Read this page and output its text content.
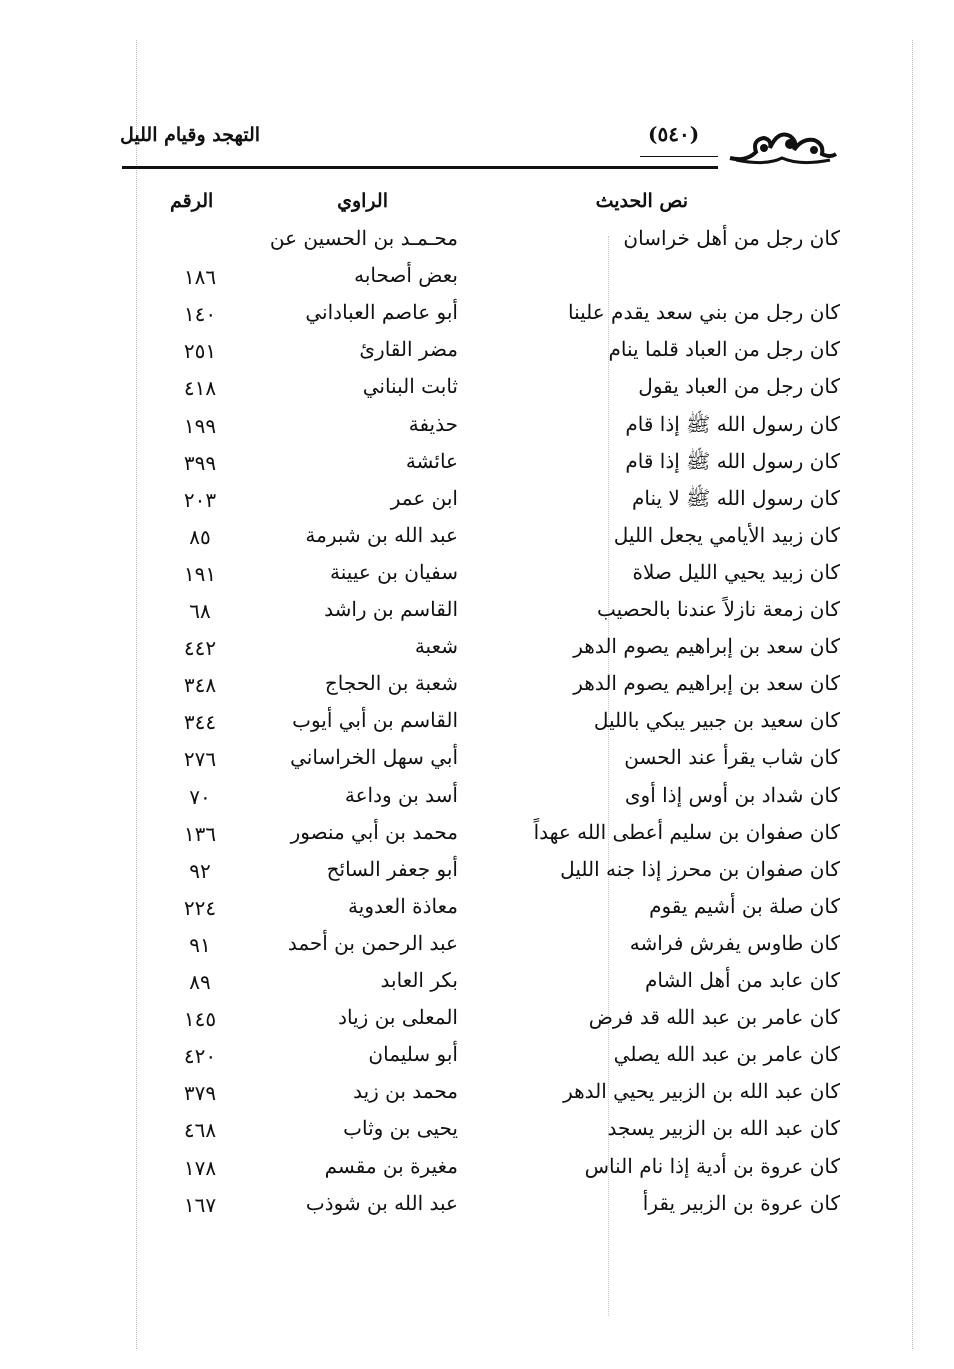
التهجد وقيام الليل	(٥٤٠)
نص الحديث
الراوي
الرقم
كان رجل من أهل خراسان
محـمـد بن الحسين عن
بعض أصحابه
١٨٦
كان رجل من بني سعد يقدم علينا
أبو عاصم العباداني
١٤٠
كان رجل من العباد قلما ينام
مضر القارئ
٢٥١
كان رجل من العباد يقول
ثابت البناني
٤١٨
كان رسول الله ﷺ إذا قام
حذيفة
١٩٩
كان رسول الله ﷺ إذا قام
عائشة
٣٩٩
كان رسول الله ﷺ لا ينام
ابن عمر
٢٠٣
كان زبيد الأيامي يجعل الليل
عبد الله بن شبرمة
٨٥
كان زبيد يحيي الليل صلاة
سفيان بن عيينة
١٩١
كان زمعة نازلاً عندنا بالحصيب
القاسم بن راشد
٦٨
كان سعد بن إبراهيم يصوم الدهر
شعبة
٤٤٢
كان سعد بن إبراهيم يصوم الدهر
شعبة بن الحجاج
٣٤٨
كان سعيد بن جبير يبكي بالليل
القاسم بن أبي أيوب
٣٤٤
كان شاب يقرأ عند الحسن
أبي سهل الخراساني
٢٧٦
كان شداد بن أوس إذا أوى
أسد بن وداعة
٧٠
كان صفوان بن سليم أعطى الله عهداً
محمد بن أبي منصور
١٣٦
كان صفوان بن محرز إذا جنه الليل
أبو جعفر السائح
٩٢
كان صلة بن أشيم يقوم
معاذة العدوية
٢٢٤
كان طاوس يفرش فراشه
عبد الرحمن بن أحمد
٩١
كان عابد من أهل الشام
بكر العابد
٨٩
كان عامر بن عبد الله قد فرض
المعلى بن زياد
١٤٥
كان عامر بن عبد الله يصلي
أبو سليمان
٤٢٠
كان عبد الله بن الزبير يحيي الدهر
محمد بن زيد
٣٧٩
كان عبد الله بن الزبير يسجد
يحيى بن وثاب
٤٦٨
كان عروة بن أدية إذا نام الناس
مغيرة بن مقسم
١٧٨
كان عروة بن الزبير يقرأ
عبد الله بن شوذب
١٦٧
